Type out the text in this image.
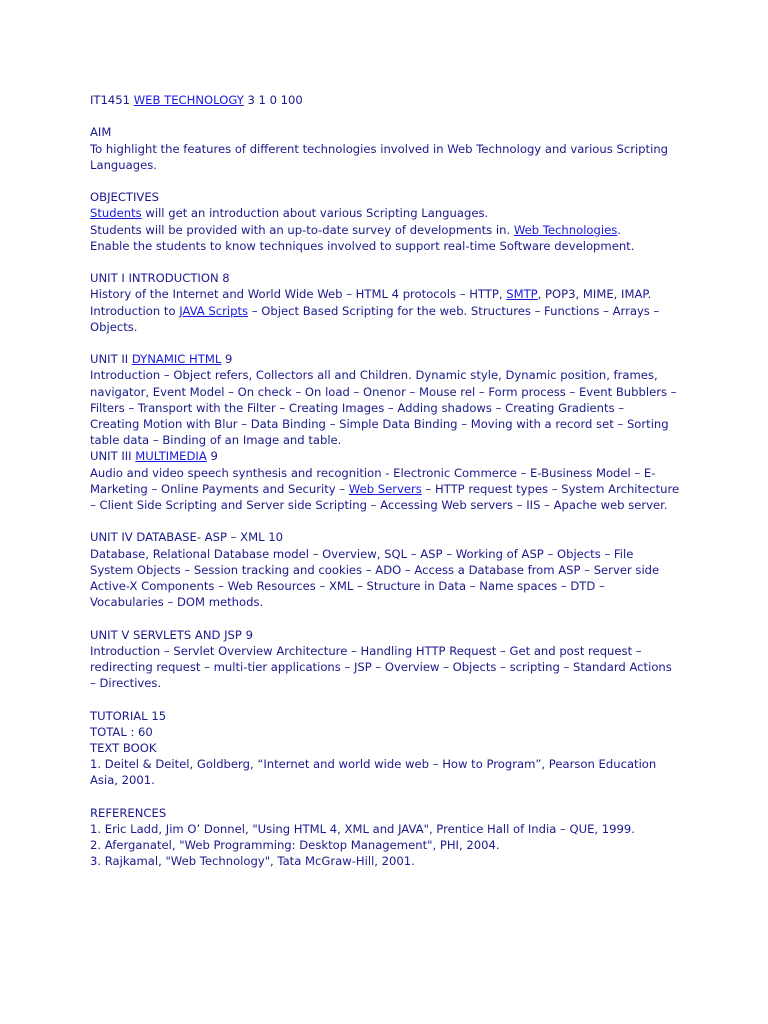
IT1451 WEB TECHNOLOGY 3 1 0 100

AIM

To highlight the features of different technologies involved in Web Technology and various Scripting

Languages.

OBJECTIVES

Students will get an introduction about various Scripting Languages.

Students will be provided with an up-to-date survey of developments in. Web Technologies.

Enable the students to know techniques involved to support real-time Software development.

UNIT I INTRODUCTION 8

History of the Internet and World Wide Web – HTML 4 protocols – HTTP, SMTP, POP3, MIME, IMAP.

Introduction to JAVA Scripts – Object Based Scripting for the web. Structures – Functions – Arrays –

Objects.

UNIT II DYNAMIC HTML 9

Introduction – Object refers, Collectors all and Children. Dynamic style, Dynamic position, frames,

navigator, Event Model – On check – On load – Onenor – Mouse rel – Form process – Event Bubblers –

Filters – Transport with the Filter – Creating Images – Adding shadows – Creating Gradients –

Creating Motion with Blur – Data Binding – Simple Data Binding – Moving with a record set – Sorting

table data – Binding of an Image and table.

UNIT III MULTIMEDIA 9

Audio and video speech synthesis and recognition - Electronic Commerce – E-Business Model – E-

Marketing – Online Payments and Security – Web Servers – HTTP request types – System Architecture

– Client Side Scripting and Server side Scripting – Accessing Web servers – IIS – Apache web server.

UNIT IV DATABASE- ASP – XML 10

Database, Relational Database model – Overview, SQL – ASP – Working of ASP – Objects – File

System Objects – Session tracking and cookies – ADO – Access a Database from ASP – Server side

Active-X Components – Web Resources – XML – Structure in Data – Name spaces – DTD –

Vocabularies – DOM methods.

UNIT V SERVLETS AND JSP 9

Introduction – Servlet Overview Architecture – Handling HTTP Request – Get and post request –

redirecting request – multi-tier applications – JSP – Overview – Objects – scripting – Standard Actions

– Directives.

TUTORIAL 15

TOTAL : 60

TEXT BOOK

1. Deitel & Deitel, Goldberg, “Internet and world wide web – How to Program”, Pearson Education

Asia, 2001.

REFERENCES

1. Eric Ladd, Jim O’ Donnel, "Using HTML 4, XML and JAVA", Prentice Hall of India – QUE, 1999.

2. Aferganatel, "Web Programming: Desktop Management", PHI, 2004.

3. Rajkamal, "Web Technology", Tata McGraw-Hill, 2001.
